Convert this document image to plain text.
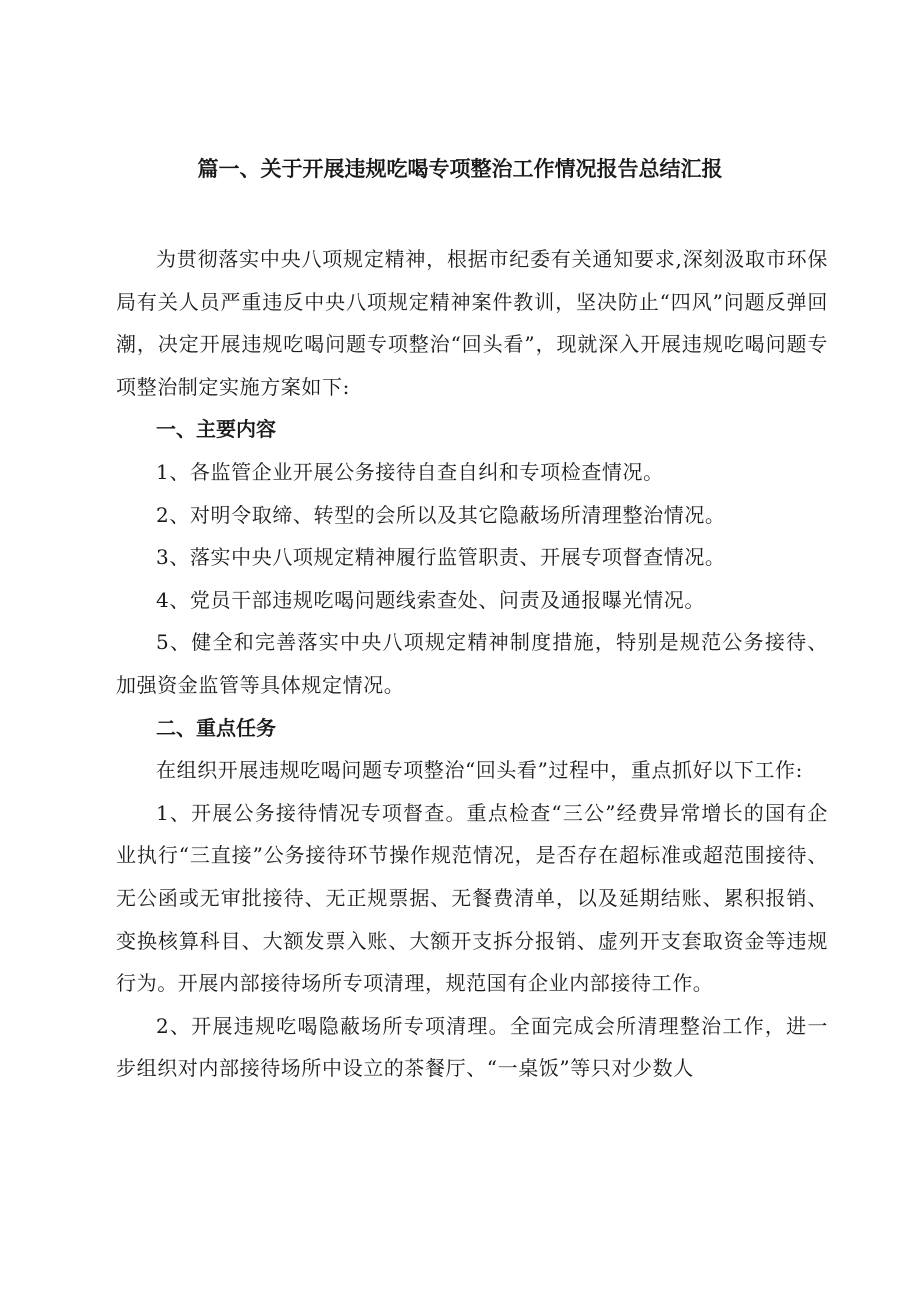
篇一、关于开展违规吃喝专项整治工作情况报告总结汇报

为贯彻落实中央八项规定精神，根据市纪委有关通知要求,深刻汲取市环保局有关人员严重违反中央八项规定精神案件教训，坚决防止“四风”问题反弹回潮，决定开展违规吃喝问题专项整治“回头看”，现就深入开展违规吃喝问题专项整治制定实施方案如下:

一、主要内容

1、各监管企业开展公务接待自查自纠和专项检查情况。

2、对明令取缔、转型的会所以及其它隐蔽场所清理整治情况。

3、落实中央八项规定精神履行监管职责、开展专项督查情况。

4、党员干部违规吃喝问题线索查处、问责及通报曝光情况。

5、健全和完善落实中央八项规定精神制度措施，特别是规范公务接待、加强资金监管等具体规定情况。

二、重点任务

在组织开展违规吃喝问题专项整治“回头看”过程中，重点抓好以下工作:

1、开展公务接待情况专项督查。重点检查“三公”经费异常增长的国有企业执行“三直接”公务接待环节操作规范情况，是否存在超标准或超范围接待、无公函或无审批接待、无正规票据、无餐费清单，以及延期结账、累积报销、变换核算科目、大额发票入账、大额开支拆分报销、虚列开支套取资金等违规行为。开展内部接待场所专项清理，规范国有企业内部接待工作。

2、开展违规吃喝隐蔽场所专项清理。全面完成会所清理整治工作，进一步组织对内部接待场所中设立的茶餐厅、“一桌饭”等只对少数人
